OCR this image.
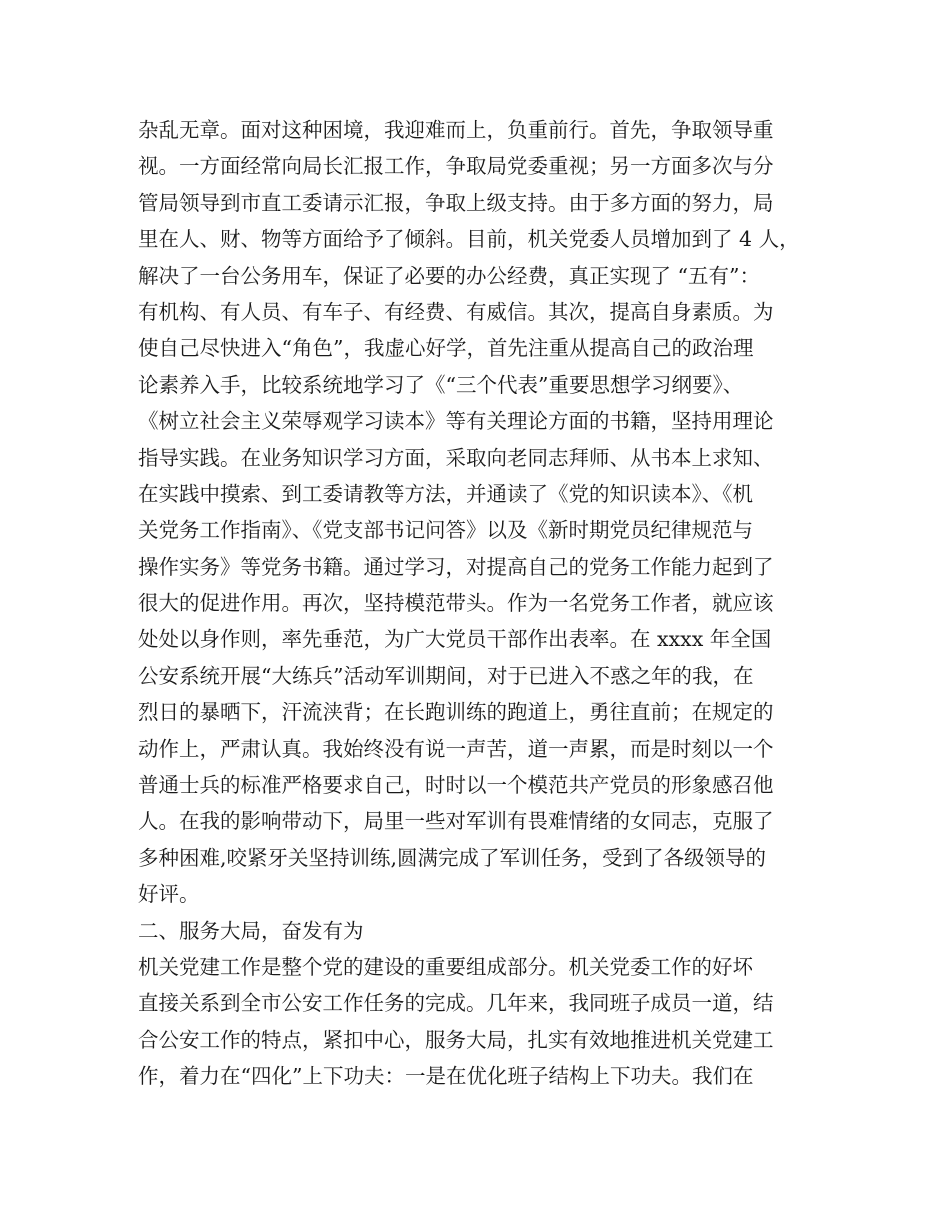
杂乱无章。面对这种困境，我迎难而上，负重前行。首先，争取领导重
视。一方面经常向局长汇报工作，争取局党委重视；另一方面多次与分
管局领导到市直工委请示汇报，争取上级支持。由于多方面的努力，局
里在人、财、物等方面给予了倾斜。目前，机关党委人员增加到了 4 人，
解决了一台公务用车，保证了必要的办公经费，真正实现了 “五有”：
有机构、有人员、有车子、有经费、有威信。其次，提高自身素质。为
使自己尽快进入“角色”，我虚心好学，首先注重从提高自己的政治理
论素养入手，比较系统地学习了《“三个代表”重要思想学习纲要》、
《树立社会主义荣辱观学习读本》等有关理论方面的书籍，坚持用理论
指导实践。在业务知识学习方面，采取向老同志拜师、从书本上求知、
在实践中摸索、到工委请教等方法，并通读了《党的知识读本》、《机
关党务工作指南》、《党支部书记问答》以及《新时期党员纪律规范与
操作实务》等党务书籍。通过学习，对提高自己的党务工作能力起到了
很大的促进作用。再次，坚持模范带头。作为一名党务工作者，就应该
处处以身作则，率先垂范，为广大党员干部作出表率。在 xxxx 年全国
公安系统开展“大练兵”活动军训期间，对于已进入不惑之年的我，在
烈日的暴晒下，汗流浃背；在长跑训练的跑道上，勇往直前；在规定的
动作上，严肃认真。我始终没有说一声苦，道一声累，而是时刻以一个
普通士兵的标准严格要求自己，时时以一个模范共产党员的形象感召他
人。在我的影响带动下，局里一些对军训有畏难情绪的女同志，克服了
多种困难,咬紧牙关坚持训练,圆满完成了军训任务，受到了各级领导的
好评。
二、服务大局，奋发有为
机关党建工作是整个党的建设的重要组成部分。机关党委工作的好坏
直接关系到全市公安工作任务的完成。几年来，我同班子成员一道，结
合公安工作的特点，紧扣中心，服务大局，扎实有效地推进机关党建工
作，着力在“四化”上下功夫：一是在优化班子结构上下功夫。我们在
